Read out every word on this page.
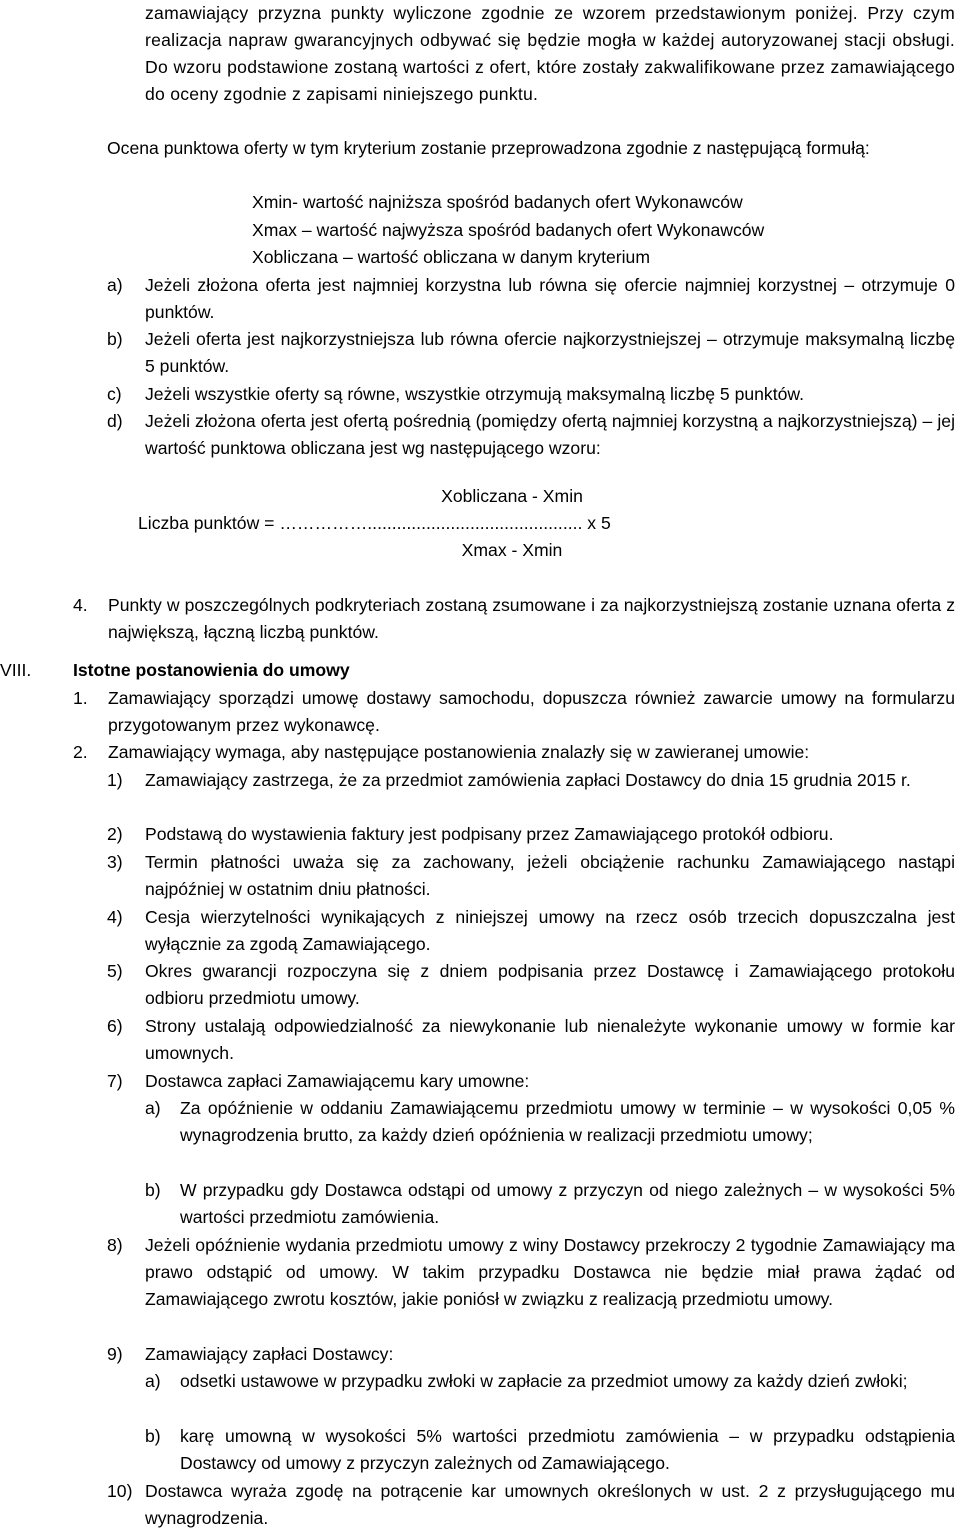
zamawiający przyzna punkty wyliczone zgodnie ze wzorem przedstawionym poniżej. Przy czym realizacja napraw gwarancyjnych odbywać się będzie mogła w każdej autoryzowanej stacji obsługi. Do wzoru podstawione zostaną wartości z ofert, które zostały zakwalifikowane przez zamawiającego do oceny zgodnie z zapisami niniejszego punktu.

Ocena punktowa oferty w tym kryterium zostanie przeprowadzona zgodnie z następującą formułą:

Xmin- wartość najniższa spośród badanych ofert Wykonawców
Xmax – wartość najwyższa spośród badanych ofert Wykonawców
Xobliczana – wartość obliczana w danym kryterium
a) Jeżeli złożona oferta jest najmniej korzystna lub równa się ofercie najmniej korzystnej – otrzymuje 0 punktów.
b) Jeżeli oferta jest najkorzystniejsza lub równa ofercie najkorzystniejszej – otrzymuje maksymalną liczbę 5 punktów.
c) Jeżeli wszystkie oferty są równe, wszystkie otrzymują maksymalną liczbę 5 punktów.
d) Jeżeli złożona oferta jest ofertą pośrednią (pomiędzy ofertą najmniej korzystną a najkorzystniejszą) – jej wartość punktowa obliczana jest wg następującego wzoru:
Xobliczana - Xmin
Liczba punktów = ……………............................................ x 5
Xmax - Xmin
4. Punkty w poszczególnych podkryteriach zostaną zsumowane i za najkorzystniejszą zostanie uznana oferta z największą, łączną liczbą punktów.
VIII. Istotne postanowienia do umowy
1. Zamawiający sporządzi umowę dostawy samochodu, dopuszcza również zawarcie umowy na formularzu przygotowanym przez wykonawcę.
2. Zamawiający wymaga, aby następujące postanowienia znalazły się w zawieranej umowie:
1) Zamawiający zastrzega, że za przedmiot zamówienia zapłaci Dostawcy do dnia 15 grudnia 2015 r.
2) Podstawą do wystawienia faktury jest podpisany przez Zamawiającego protokół odbioru.
3) Termin płatności uważa się za zachowany, jeżeli obciążenie rachunku Zamawiającego nastąpi najpóźniej w ostatnim dniu płatności.
4) Cesja wierzytelności wynikających z niniejszej umowy na rzecz osób trzecich dopuszczalna jest wyłącznie za zgodą Zamawiającego.
5) Okres gwarancji rozpoczyna się z dniem podpisania przez Dostawcę i Zamawiającego protokołu odbioru przedmiotu umowy.
6) Strony ustalają odpowiedzialność za niewykonanie lub nienależyte wykonanie umowy w formie kar umownych.
7) Dostawca zapłaci Zamawiającemu kary umowne:
a) Za opóźnienie w oddaniu Zamawiającemu przedmiotu umowy w terminie – w wysokości 0,05 % wynagrodzenia brutto, za każdy dzień opóźnienia w realizacji przedmiotu umowy;
b) W przypadku gdy Dostawca odstąpi od umowy z przyczyn od niego zależnych – w wysokości 5% wartości przedmiotu zamówienia.
8) Jeżeli opóźnienie wydania przedmiotu umowy z winy Dostawcy przekroczy 2 tygodnie Zamawiający ma prawo odstąpić od umowy. W takim przypadku Dostawca nie będzie miał prawa żądać od Zamawiającego zwrotu kosztów, jakie poniósł w związku z realizacją przedmiotu umowy.
9) Zamawiający zapłaci Dostawcy:
a) odsetki ustawowe w przypadku zwłoki w zapłacie za przedmiot umowy za każdy dzień zwłoki;
b) karę umowną w wysokości 5% wartości przedmiotu zamówienia – w przypadku odstąpienia Dostawcy od umowy z przyczyn zależnych od Zamawiającego.
10) Dostawca wyraża zgodę na potrącenie kar umownych określonych w ust. 2 z przysługującego mu wynagrodzenia.
